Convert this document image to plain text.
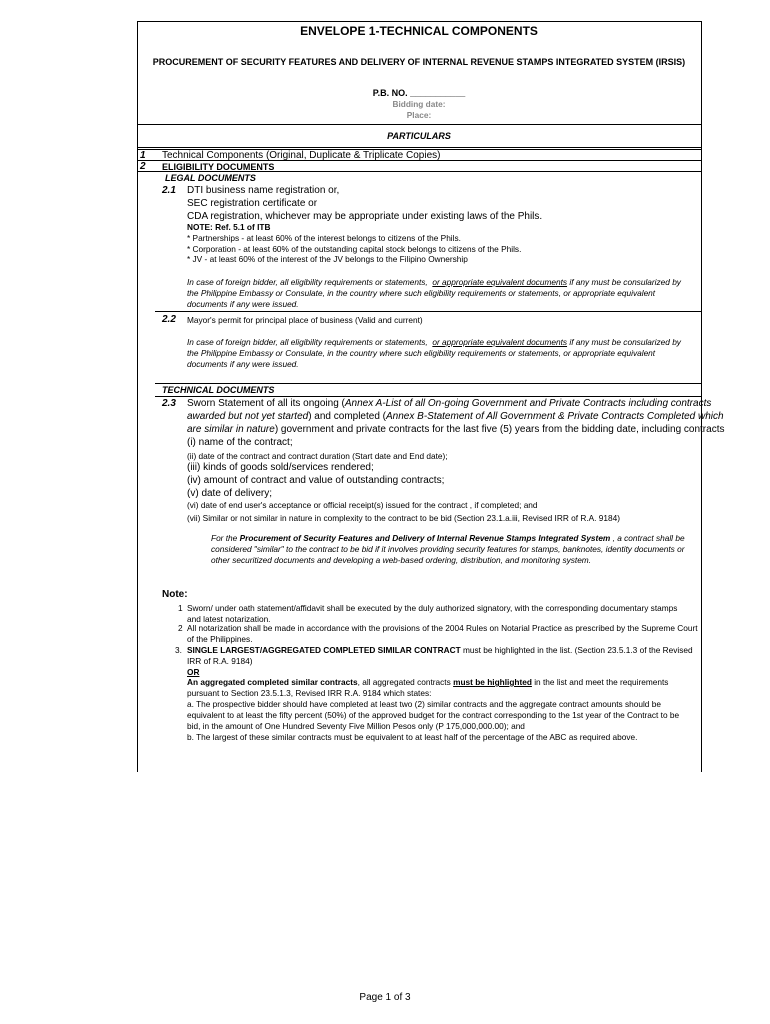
ENVELOPE 1-TECHNICAL COMPONENTS
PROCUREMENT OF SECURITY FEATURES AND DELIVERY OF INTERNAL REVENUE STAMPS INTEGRATED SYSTEM (IRSIS)
P.B. NO. ___________
Bidding date:
Place:
PARTICULARS
1 Technical Components (Original, Duplicate & Triplicate Copies)
2 ELIGIBILITY DOCUMENTS
LEGAL DOCUMENTS
2.1 DTI business name registration or,
SEC registration certificate or
CDA registration, whichever may be appropriate under existing laws of the Phils.
NOTE: Ref. 5.1 of ITB
* Partnerships - at least 60% of the interest belongs to citizens of the Phils.
* Corporation - at least 60% of the outstanding capital stock belongs to citizens of the Phils.
* JV - at least 60% of the interest of the JV belongs to the Filipino Ownership
In case of foreign bidder, all eligibility requirements or statements, or appropriate equivalent documents if any must be consularized by
the Philippine Embassy or Consulate, in the country where such eligibility requirements or statements, or appropriate equivalent
documents if any were issued.
2.2 Mayor's permit for principal place of business (Valid and current)
In case of foreign bidder, all eligibility requirements or statements, or appropriate equivalent documents if any must be consularized by
the Philippine Embassy or Consulate, in the country where such eligibility requirements or statements, or appropriate equivalent
documents if any were issued.
TECHNICAL DOCUMENTS
2.3 Sworn Statement of all its ongoing (Annex A-List of all On-going Government and Private Contracts including contracts
awarded but not yet started) and completed (Annex B-Statement of All Government & Private Contracts Completed which
are similar in nature) government and private contracts for the last five (5) years from the bidding date, including contracts
(i) name of the contract;
(ii) date of the contract and contract duration (Start date and End date);
(iii) kinds of goods sold/services rendered;
(iv) amount of contract and value of outstanding contracts;
(v) date of delivery;
(vi) date of end user's acceptance or official receipt(s) issued for the contract , if completed; and
(vii) Similar or not similar in nature in complexity to the contract to be bid (Section 23.1.a.iii, Revised IRR of R.A. 9184)
For the Procurement of Security Features and Delivery of Internal Revenue Stamps Integrated System , a contract shall be
considered "similar" to the contract to be bid if it involves providing security features for stamps, banknotes, identity documents or
other securitized documents and developing a web-based ordering, distribution, and monitoring system.
Note:
1 Sworn/ under oath statement/affidavit shall be executed by the duly authorized signatory, with the corresponding documentary stamps
and latest notarization.
2 All notarization shall be made in accordance with the provisions of the 2004 Rules on Notarial Practice as prescribed by the Supreme Court
of the Philippines.
3. SINGLE LARGEST/AGGREGATED COMPLETED SIMILAR CONTRACT must be highlighted in the list. (Section 23.5.1.3 of the Revised
IRR of R.A. 9184)
OR
An aggregated completed similar contracts, all aggregated contracts must be highlighted in the list and meet the requirements
pursuant to Section 23.5.1.3, Revised IRR R.A. 9184 which states:
a. The prospective bidder should have completed at least two (2) similar contracts and the aggregate contract amounts should be
equivalent to at least the fifty percent (50%) of the approved budget for the contract corresponding to the 1st year of the Contract to be
bid, in the amount of One Hundred Seventy Five Million Pesos only (P 175,000,000.00); and
b. The largest of these similar contracts must be equivalent to at least half of the percentage of the ABC as required above.
Page 1 of 3
